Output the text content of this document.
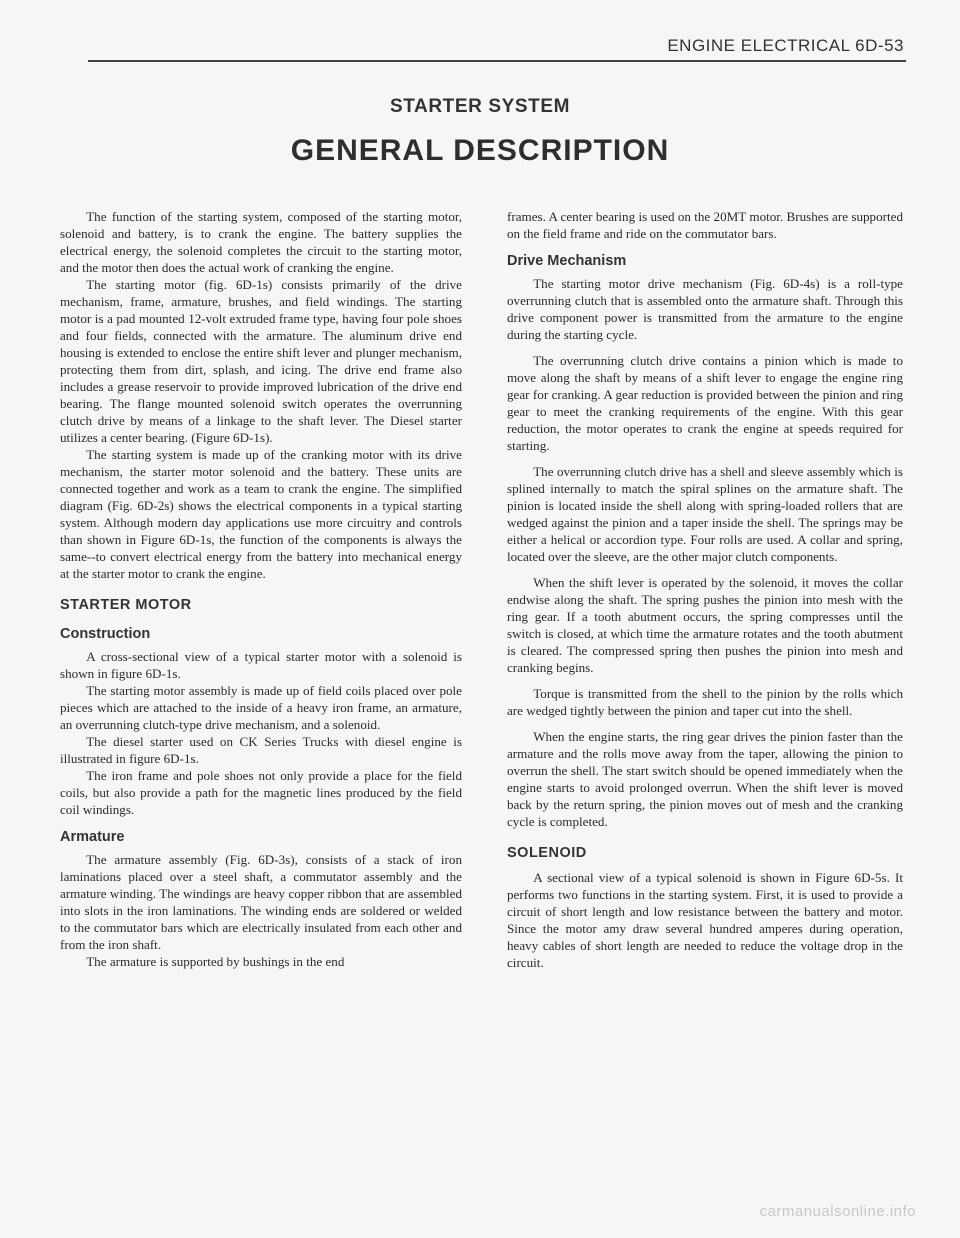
ENGINE ELECTRICAL 6D-53
STARTER SYSTEM
GENERAL DESCRIPTION

The function of the starting system, composed of the starting motor, solenoid and battery, is to crank the engine. The battery supplies the electrical energy, the solenoid completes the circuit to the starting motor, and the motor then does the actual work of cranking the engine.

The starting motor (fig. 6D-1s) consists primarily of the drive mechanism, frame, armature, brushes, and field windings. The starting motor is a pad mounted 12-volt extruded frame type, having four pole shoes and four fields, connected with the armature. The aluminum drive end housing is extended to enclose the entire shift lever and plunger mechanism, protecting them from dirt, splash, and icing. The drive end frame also includes a grease reservoir to provide improved lubrication of the drive end bearing. The flange mounted solenoid switch operates the overrunning clutch drive by means of a linkage to the shaft lever. The Diesel starter utilizes a center bearing. (Figure 6D-1s).

The starting system is made up of the cranking motor with its drive mechanism, the starter motor solenoid and the battery. These units are connected together and work as a team to crank the engine. The simplified diagram (Fig. 6D-2s) shows the electrical components in a typical starting system. Although modern day applications use more circuitry and controls than shown in Figure 6D-1s, the function of the components is always the same--to convert electrical energy from the battery into mechanical energy at the starter motor to crank the engine.

STARTER MOTOR
Construction

A cross-sectional view of a typical starter motor with a solenoid is shown in figure 6D-1s.

The starting motor assembly is made up of field coils placed over pole pieces which are attached to the inside of a heavy iron frame, an armature, an overrunning clutch-type drive mechanism, and a solenoid.

The diesel starter used on CK Series Trucks with diesel engine is illustrated in figure 6D-1s.

The iron frame and pole shoes not only provide a place for the field coils, but also provide a path for the magnetic lines produced by the field coil windings.

Armature

The armature assembly (Fig. 6D-3s), consists of a stack of iron laminations placed over a steel shaft, a commutator assembly and the armature winding. The windings are heavy copper ribbon that are assembled into slots in the iron laminations. The winding ends are soldered or welded to the commutator bars which are electrically insulated from each other and from the iron shaft.

The armature is supported by bushings in the end

frames. A center bearing is used on the 20MT motor. Brushes are supported on the field frame and ride on the commutator bars.

Drive Mechanism

The starting motor drive mechanism (Fig. 6D-4s) is a roll-type overrunning clutch that is assembled onto the armature shaft. Through this drive component power is transmitted from the armature to the engine during the starting cycle.

The overrunning clutch drive contains a pinion which is made to move along the shaft by means of a shift lever to engage the engine ring gear for cranking. A gear reduction is provided between the pinion and ring gear to meet the cranking requirements of the engine. With this gear reduction, the motor operates to crank the engine at speeds required for starting.

The overrunning clutch drive has a shell and sleeve assembly which is splined internally to match the spiral splines on the armature shaft. The pinion is located inside the shell along with spring-loaded rollers that are wedged against the pinion and a taper inside the shell. The springs may be either a helical or accordion type. Four rolls are used. A collar and spring, located over the sleeve, are the other major clutch components.

When the shift lever is operated by the solenoid, it moves the collar endwise along the shaft. The spring pushes the pinion into mesh with the ring gear. If a tooth abutment occurs, the spring compresses until the switch is closed, at which time the armature rotates and the tooth abutment is cleared. The compressed spring then pushes the pinion into mesh and cranking begins.

Torque is transmitted from the shell to the pinion by the rolls which are wedged tightly between the pinion and taper cut into the shell.

When the engine starts, the ring gear drives the pinion faster than the armature and the rolls move away from the taper, allowing the pinion to overrun the shell. The start switch should be opened immediately when the engine starts to avoid prolonged overrun. When the shift lever is moved back by the return spring, the pinion moves out of mesh and the cranking cycle is completed.

SOLENOID

A sectional view of a typical solenoid is shown in Figure 6D-5s. It performs two functions in the starting system. First, it is used to provide a circuit of short length and low resistance between the battery and motor. Since the motor amy draw several hundred amperes during operation, heavy cables of short length are needed to reduce the voltage drop in the circuit.

carmanualsonline.info
